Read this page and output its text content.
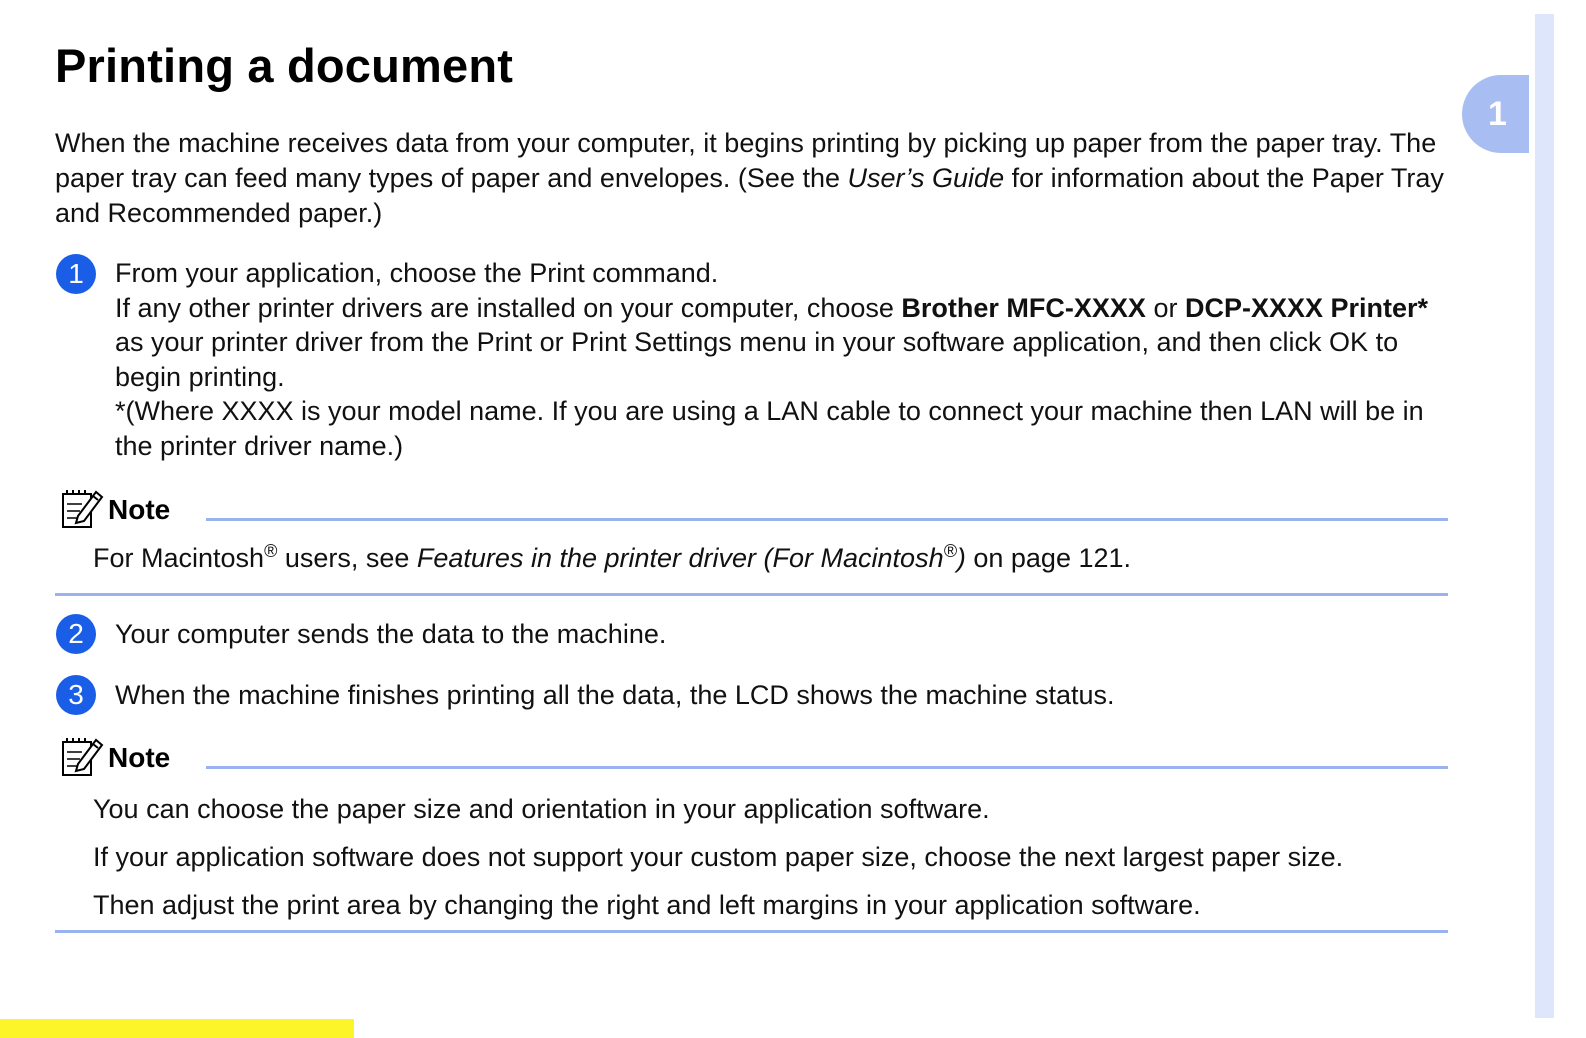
1
Printing a document

When the machine receives data from your computer, it begins printing by picking up paper from the paper tray. The paper tray can feed many types of paper and envelopes. (See the User’s Guide for information about the Paper Tray and Recommended paper.)

1	From your application, choose the Print command.
If any other printer drivers are installed on your computer, choose Brother MFC-XXXX or DCP-XXXX Printer* as your printer driver from the Print or Print Settings menu in your software application, and then click OK to begin printing.
*(Where XXXX is your model name. If you are using a LAN cable to connect your machine then LAN will be in the printer driver name.)
Note

For Macintosh® users, see Features in the printer driver (For Macintosh®) on page 121.

2	Your computer sends the data to the machine.
3	When the machine finishes printing all the data, the LCD shows the machine status.
Note
You can choose the paper size and orientation in your application software.
If your application software does not support your custom paper size, choose the next largest paper size.
Then adjust the print area by changing the right and left margins in your application software.
